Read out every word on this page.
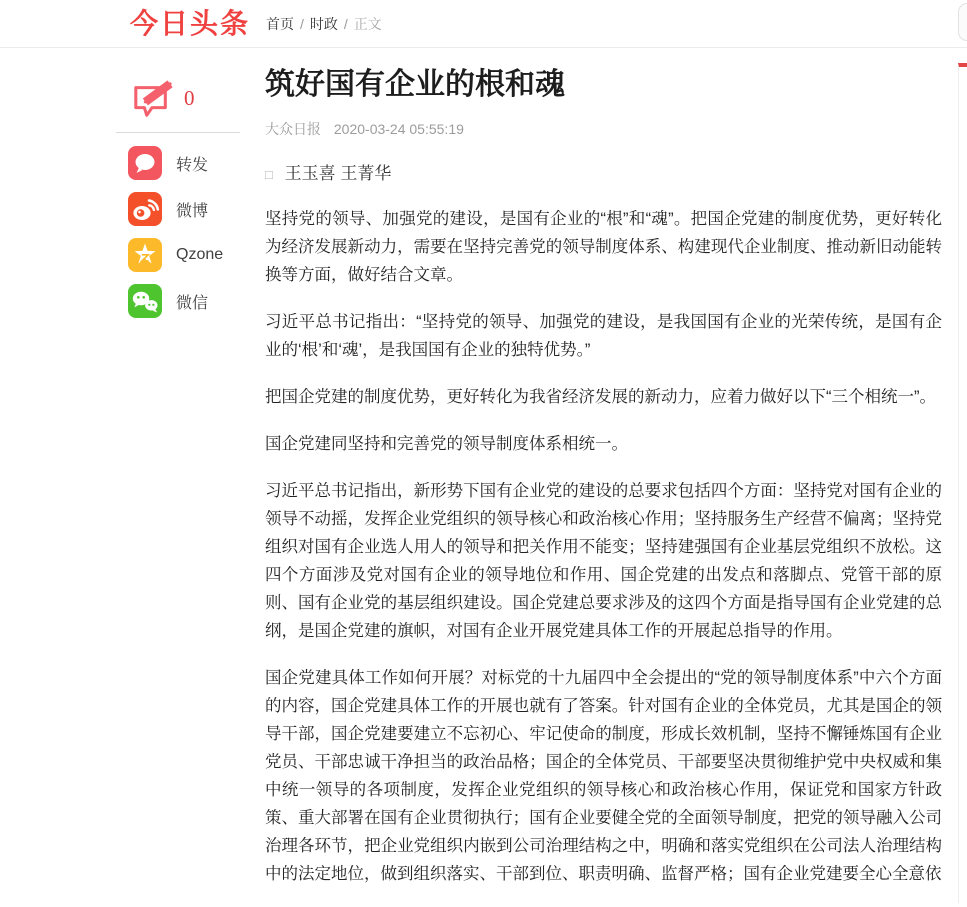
今日头条 首页 / 时政 / 正文
0
转发
微博
Qzone
微信
筑好国有企业的根和魂
大众日报 2020-03-24 05:55:19
□ 王玉喜 王菁华

坚持党的领导、加强党的建设，是国有企业的“根”和“魂”。把国企党建的制度优势，更好转化为经济发展新动力，需要在坚持完善党的领导制度体系、构建现代企业制度、推动新旧动能转换等方面，做好结合文章。

习近平总书记指出：“坚持党的领导、加强党的建设，是我国国有企业的光荣传统，是国有企业的‘根’和‘魂’，是我国国有企业的独特优势。”

把国企党建的制度优势，更好转化为我省经济发展的新动力，应着力做好以下“三个相统一”。

国企党建同坚持和完善党的领导制度体系相统一。

习近平总书记指出，新形势下国有企业党的建设的总要求包括四个方面：坚持党对国有企业的领导不动摇，发挥企业党组织的领导核心和政治核心作用；坚持服务生产经营不偏离；坚持党组织对国有企业选人用人的领导和把关作用不能变；坚持建强国有企业基层党组织不放松。这四个方面涉及党对国有企业的领导地位和作用、国企党建的出发点和落脚点、党管干部的原则、国有企业党的基层组织建设。国企党建总要求涉及的这四个方面是指导国有企业党建的总纲，是国企党建的旗帜，对国有企业开展党建具体工作的开展起总指导的作用。

国企党建具体工作如何开展？对标党的十九届四中全会提出的“党的领导制度体系”中六个方面的内容，国企党建具体工作的开展也就有了答案。针对国有企业的全体党员，尤其是国企的领导干部，国企党建要建立不忘初心、牢记使命的制度，形成长效机制，坚持不懈锤炼国有企业党员、干部忠诚干净担当的政治品格；国企的全体党员、干部要坚决贯彻维护党中央权威和集中统一领导的各项制度，发挥企业党组织的领导核心和政治核心作用，保证党和国家方针政策、重大部署在国有企业贯彻执行；国有企业要健全党的全面领导制度，把党的领导融入公司治理各环节，把企业党组织内嵌到公司治理结构之中，明确和落实党组织在公司法人治理结构中的法定地位，做到组织落实、干部到位、职责明确、监督严格；国有企业党建要全心全意依
